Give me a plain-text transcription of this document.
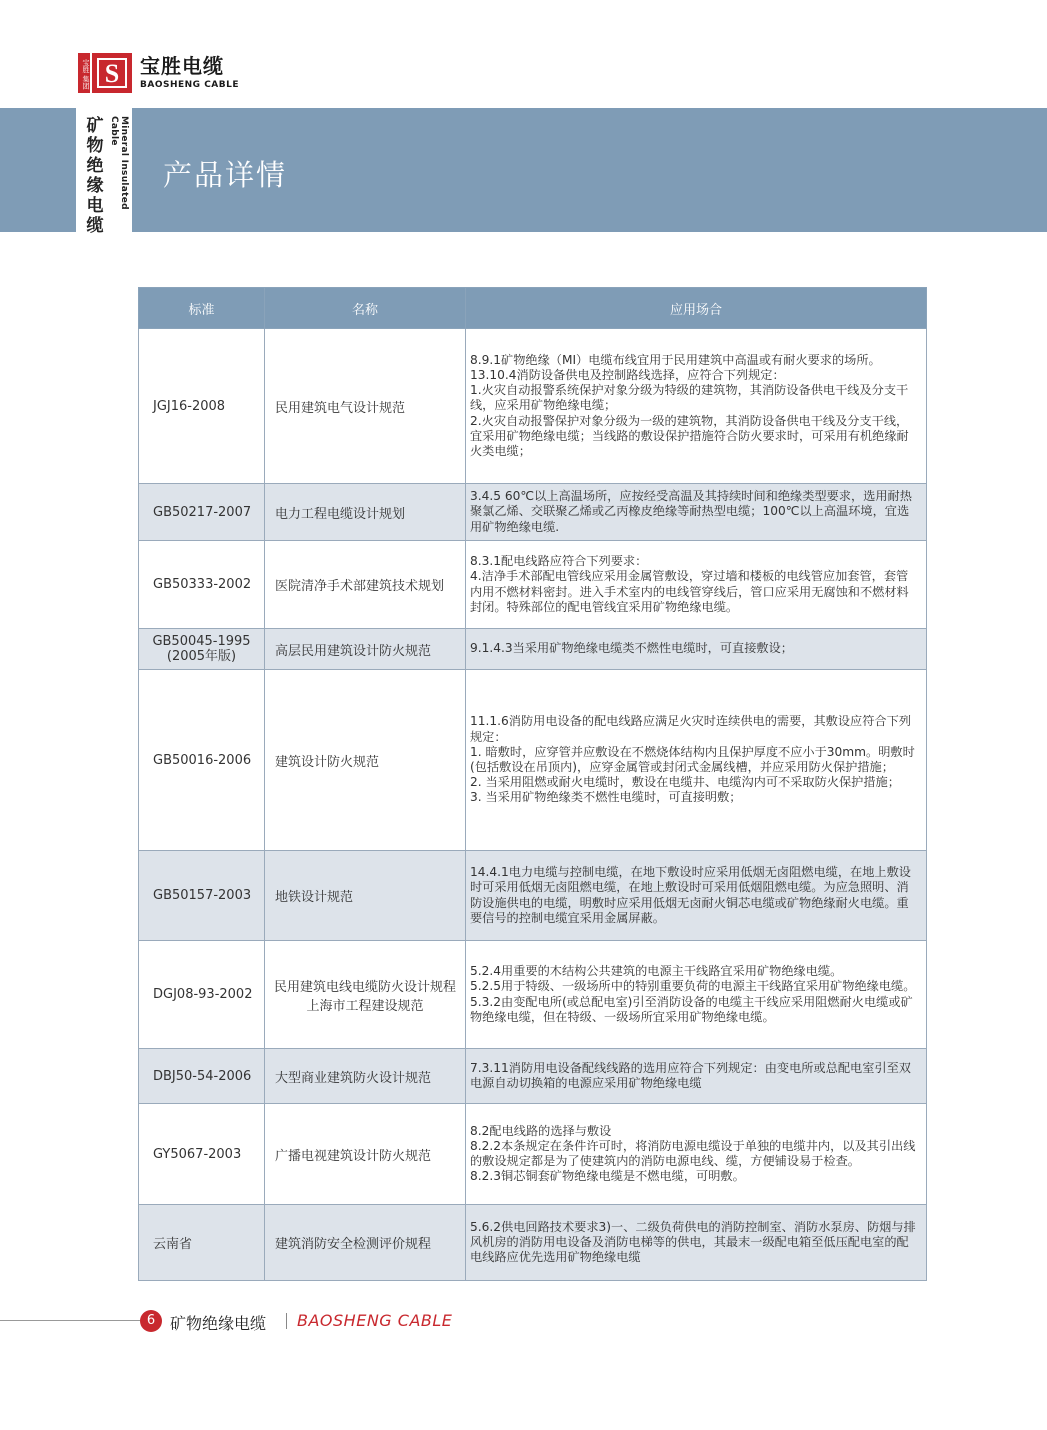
宝胜 集团 S 宝胜电缆
BAOSHENG CABLE
矿物绝缘电缆
Mineral Insulated Cable
产品详情
标准	名称	应用场合
JGJ16-2008	民用建筑电气设计规范	8.9.1矿物绝缘（MI）电缆布线宜用于民用建筑中高温或有耐火要求的场所。
13.10.4消防设备供电及控制路线选择，应符合下列规定：
1.火灾自动报警系统保护对象分级为特级的建筑物，其消防设备供电干线及分支干线，应采用矿物绝缘电缆；
2.火灾自动报警保护对象分级为一级的建筑物，其消防设备供电干线及分支干线，宜采用矿物绝缘电缆；当线路的敷设保护措施符合防火要求时，可采用有机绝缘耐火类电缆；
GB50217-2007	电力工程电缆设计规划	3.4.5 60℃以上高温场所，应按经受高温及其持续时间和绝缘类型要求，选用耐热聚氯乙烯、交联聚乙烯或乙丙橡皮绝缘等耐热型电缆；100℃以上高温环境，宜选用矿物绝缘电缆.
GB50333-2002	医院清净手术部建筑技术规划	8.3.1配电线路应符合下列要求：
4.洁净手术部配电管线应采用金属管敷设，穿过墙和楼板的电线管应加套管，套管内用不燃材料密封。进入手术室内的电线管穿线后，管口应采用无腐蚀和不燃材料封闭。特殊部位的配电管线宜采用矿物绝缘电缆。
GB50045-1995
(2005年版)	高层民用建筑设计防火规范	9.1.4.3当采用矿物绝缘电缆类不燃性电缆时，可直接敷设；
GB50016-2006	建筑设计防火规范	11.1.6消防用电设备的配电线路应满足火灾时连续供电的需要，其敷设应符合下列规定：
1. 暗敷时，应穿管并应敷设在不燃烧体结构内且保护厚度不应小于30mm。明敷时(包括敷设在吊顶内)，应穿金属管或封闭式金属线槽，并应采用防火保护措施；
2. 当采用阻燃或耐火电缆时，敷设在电缆井、电缆沟内可不采取防火保护措施；
3. 当采用矿物绝缘类不燃性电缆时，可直接明敷；
GB50157-2003	地铁设计规范	14.4.1电力电缆与控制电缆，在地下敷设时应采用低烟无卤阻燃电缆，在地上敷设时可采用低烟无卤阻燃电缆，在地上敷设时可采用低烟阻燃电缆。为应急照明、消防设施供电的电缆，明敷时应采用低烟无卤耐火铜芯电缆或矿物绝缘耐火电缆。重要信号的控制电缆宜采用金属屏蔽。
DGJ08-93-2002	民用建筑电线电缆防火设计规程上海市工程建设规范	5.2.4用重要的木结构公共建筑的电源主干线路宜采用矿物绝缘电缆。
5.2.5用于特级、一级场所中的特别重要负荷的电源主干线路宜采用矿物绝缘电缆。
5.3.2由变配电所(或总配电室)引至消防设备的电缆主干线应采用阻燃耐火电缆或矿物绝缘电缆，但在特级、一级场所宜采用矿物绝缘电缆。
DBJ50-54-2006	大型商业建筑防火设计规范	7.3.11消防用电设备配线线路的选用应符合下列规定：由变电所或总配电室引至双电源自动切换箱的电源应采用矿物绝缘电缆
GY5067-2003	广播电视建筑设计防火规范	8.2配电线路的选择与敷设
8.2.2本条规定在条件许可时，将消防电源电缆设于单独的电缆井内，以及其引出线的敷设规定都是为了使建筑内的消防电源电线、缆，方便铺设易于检查。
8.2.3铜芯铜套矿物绝缘电缆是不燃电缆，可明敷。
云南省	建筑消防安全检测评价规程	5.6.2供电回路技术要求3)一、二级负荷供电的消防控制室、消防水泵房、防烟与排风机房的消防用电设备及消防电梯等的供电，其最末一级配电箱至低压配电室的配电线路应优先选用矿物绝缘电缆
6 矿物绝缘电缆 BAOSHENG CABLE
